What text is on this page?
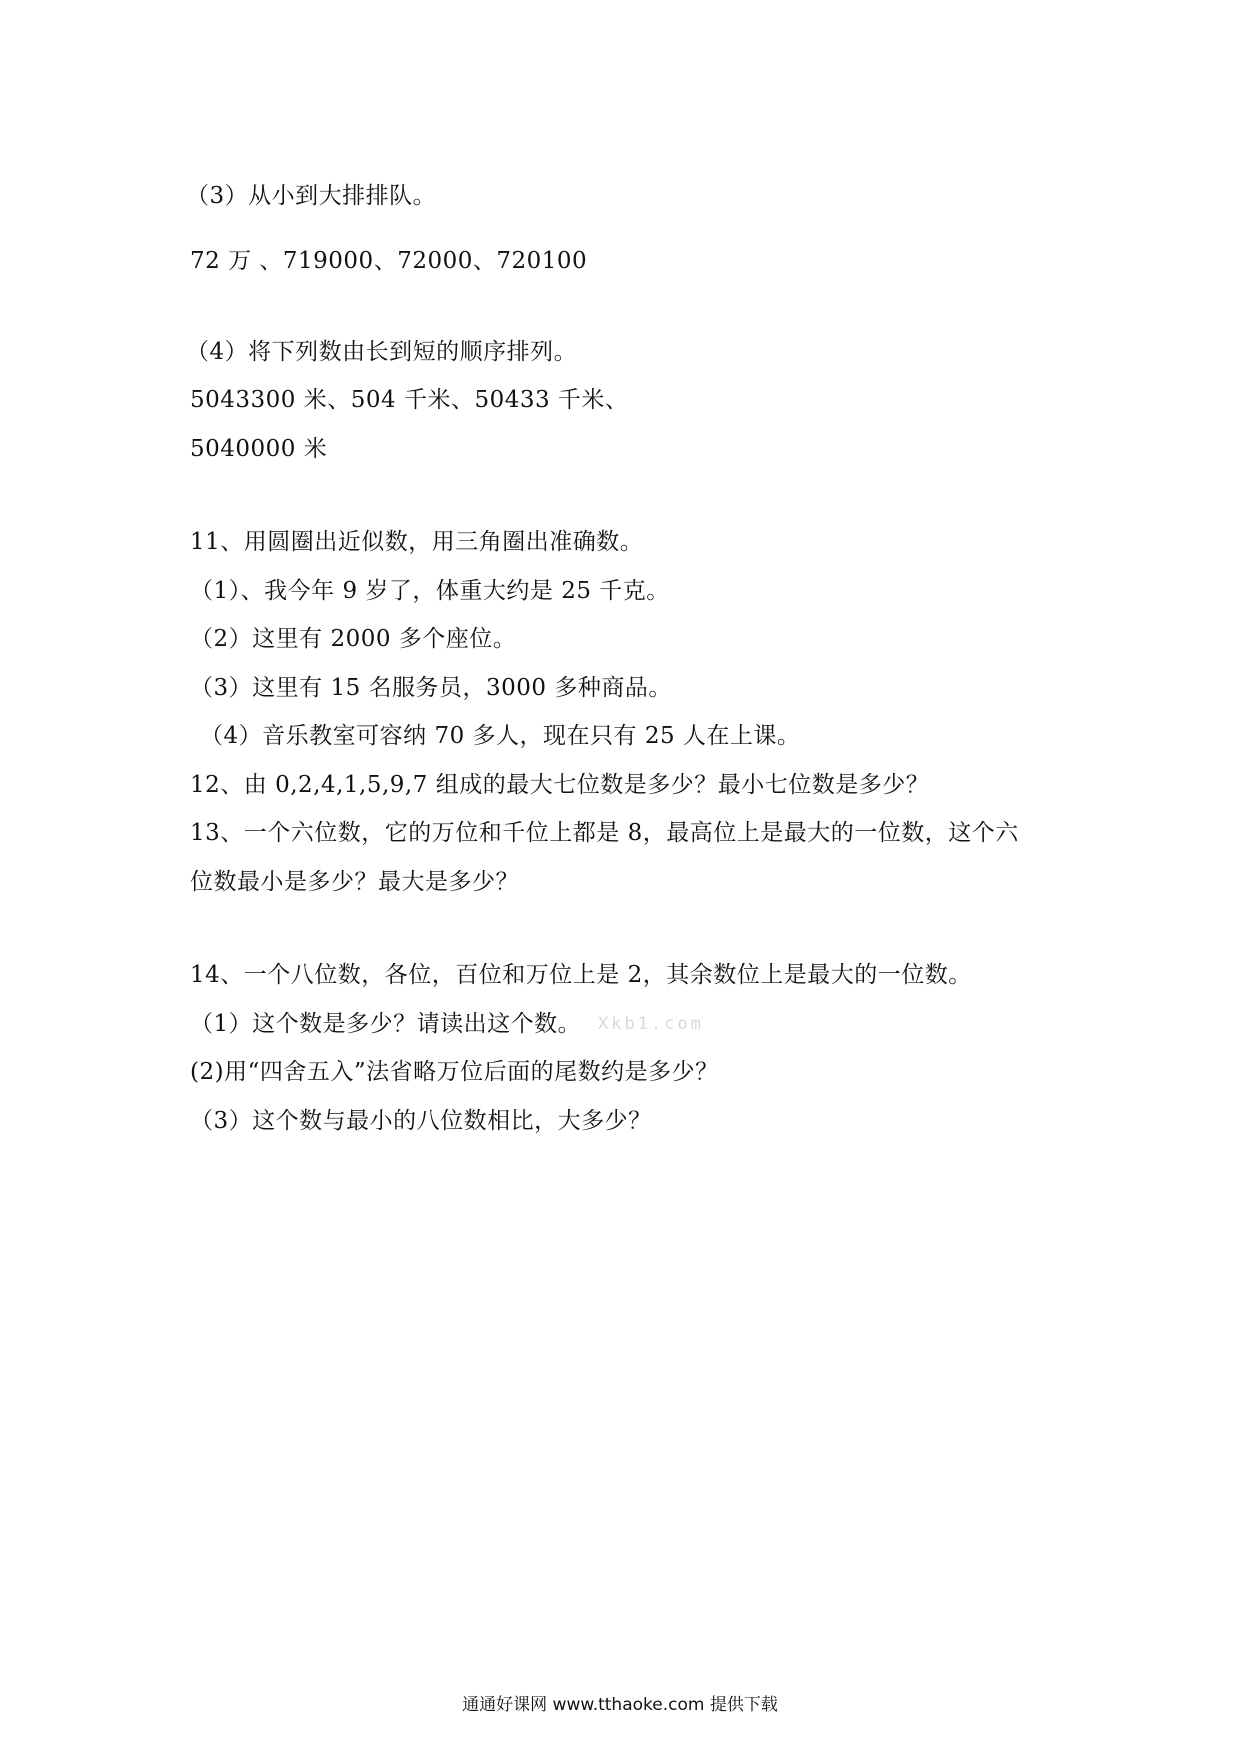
（3）从小到大排排队。
72 万 、719000、72000、720100
（4）将下列数由长到短的顺序排列。
5043300 米、504 千米、50433 千米、
5040000 米
11、用圆圈出近似数，用三角圈出准确数。
（1）、我今年 9 岁了，体重大约是 25 千克。
（2）这里有 2000 多个座位。
（3）这里有 15 名服务员，3000 多种商品。
（4）音乐教室可容纳 70 多人，现在只有 25 人在上课。
12、由 0,2,4,1,5,9,7 组成的最大七位数是多少？最小七位数是多少？
13、一个六位数，它的万位和千位上都是 8，最高位上是最大的一位数，这个六
位数最小是多少？最大是多少？
14、一个八位数，各位，百位和万位上是 2，其余数位上是最大的一位数。
（1）这个数是多少？请读出这个数。 Xkb1.com
(2)用“四舍五入”法省略万位后面的尾数约是多少？
（3）这个数与最小的八位数相比，大多少？
通通好课网 www.tthaoke.com 提供下载
